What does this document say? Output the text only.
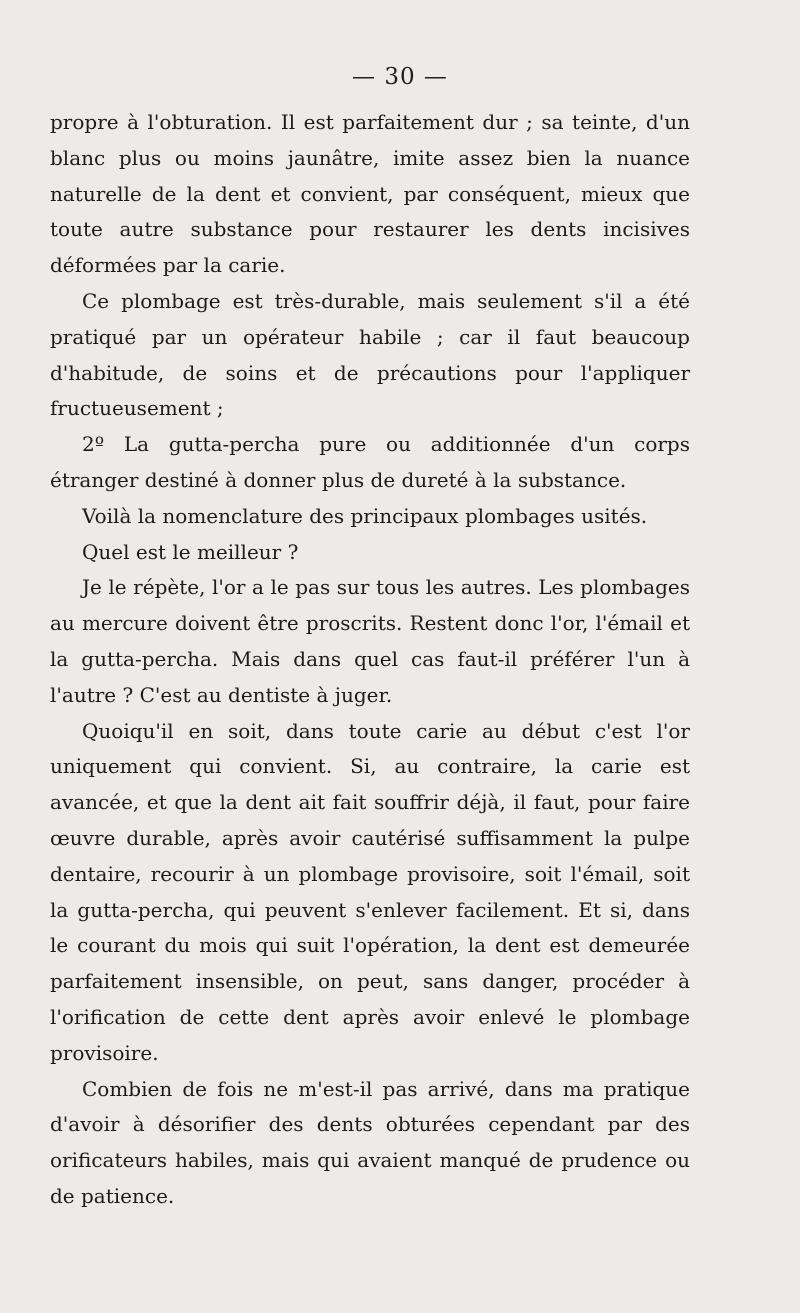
— 30 —

propre à l'obturation. Il est parfaitement dur ; sa teinte, d'un blanc plus ou moins jaunâtre, imite assez bien la nuance naturelle de la dent et convient, par conséquent, mieux que toute autre substance pour restaurer les dents incisives déformées par la carie.

Ce plombage est très-durable, mais seulement s'il a été pratiqué par un opérateur habile ; car il faut beaucoup d'habitude, de soins et de précautions pour l'appliquer fructueusement ;

2º La gutta-percha pure ou additionnée d'un corps étranger destiné à donner plus de dureté à la substance.

Voilà la nomenclature des principaux plombages usités.

Quel est le meilleur ?

Je le répète, l'or a le pas sur tous les autres. Les plombages au mercure doivent être proscrits. Restent donc l'or, l'émail et la gutta-percha. Mais dans quel cas faut-il préférer l'un à l'autre ? C'est au dentiste à juger.

Quoiqu'il en soit, dans toute carie au début c'est l'or uniquement qui convient. Si, au contraire, la carie est avancée, et que la dent ait fait souffrir déjà, il faut, pour faire œuvre durable, après avoir cautérisé suffisamment la pulpe dentaire, recourir à un plombage provisoire, soit l'émail, soit la gutta-percha, qui peuvent s'enlever facilement. Et si, dans le courant du mois qui suit l'opération, la dent est demeurée parfaitement insensible, on peut, sans danger, procéder à l'orification de cette dent après avoir enlevé le plombage provisoire.

Combien de fois ne m'est-il pas arrivé, dans ma pratique d'avoir à désorifier des dents obturées cependant par des orificateurs habiles, mais qui avaient manqué de prudence ou de patience.
